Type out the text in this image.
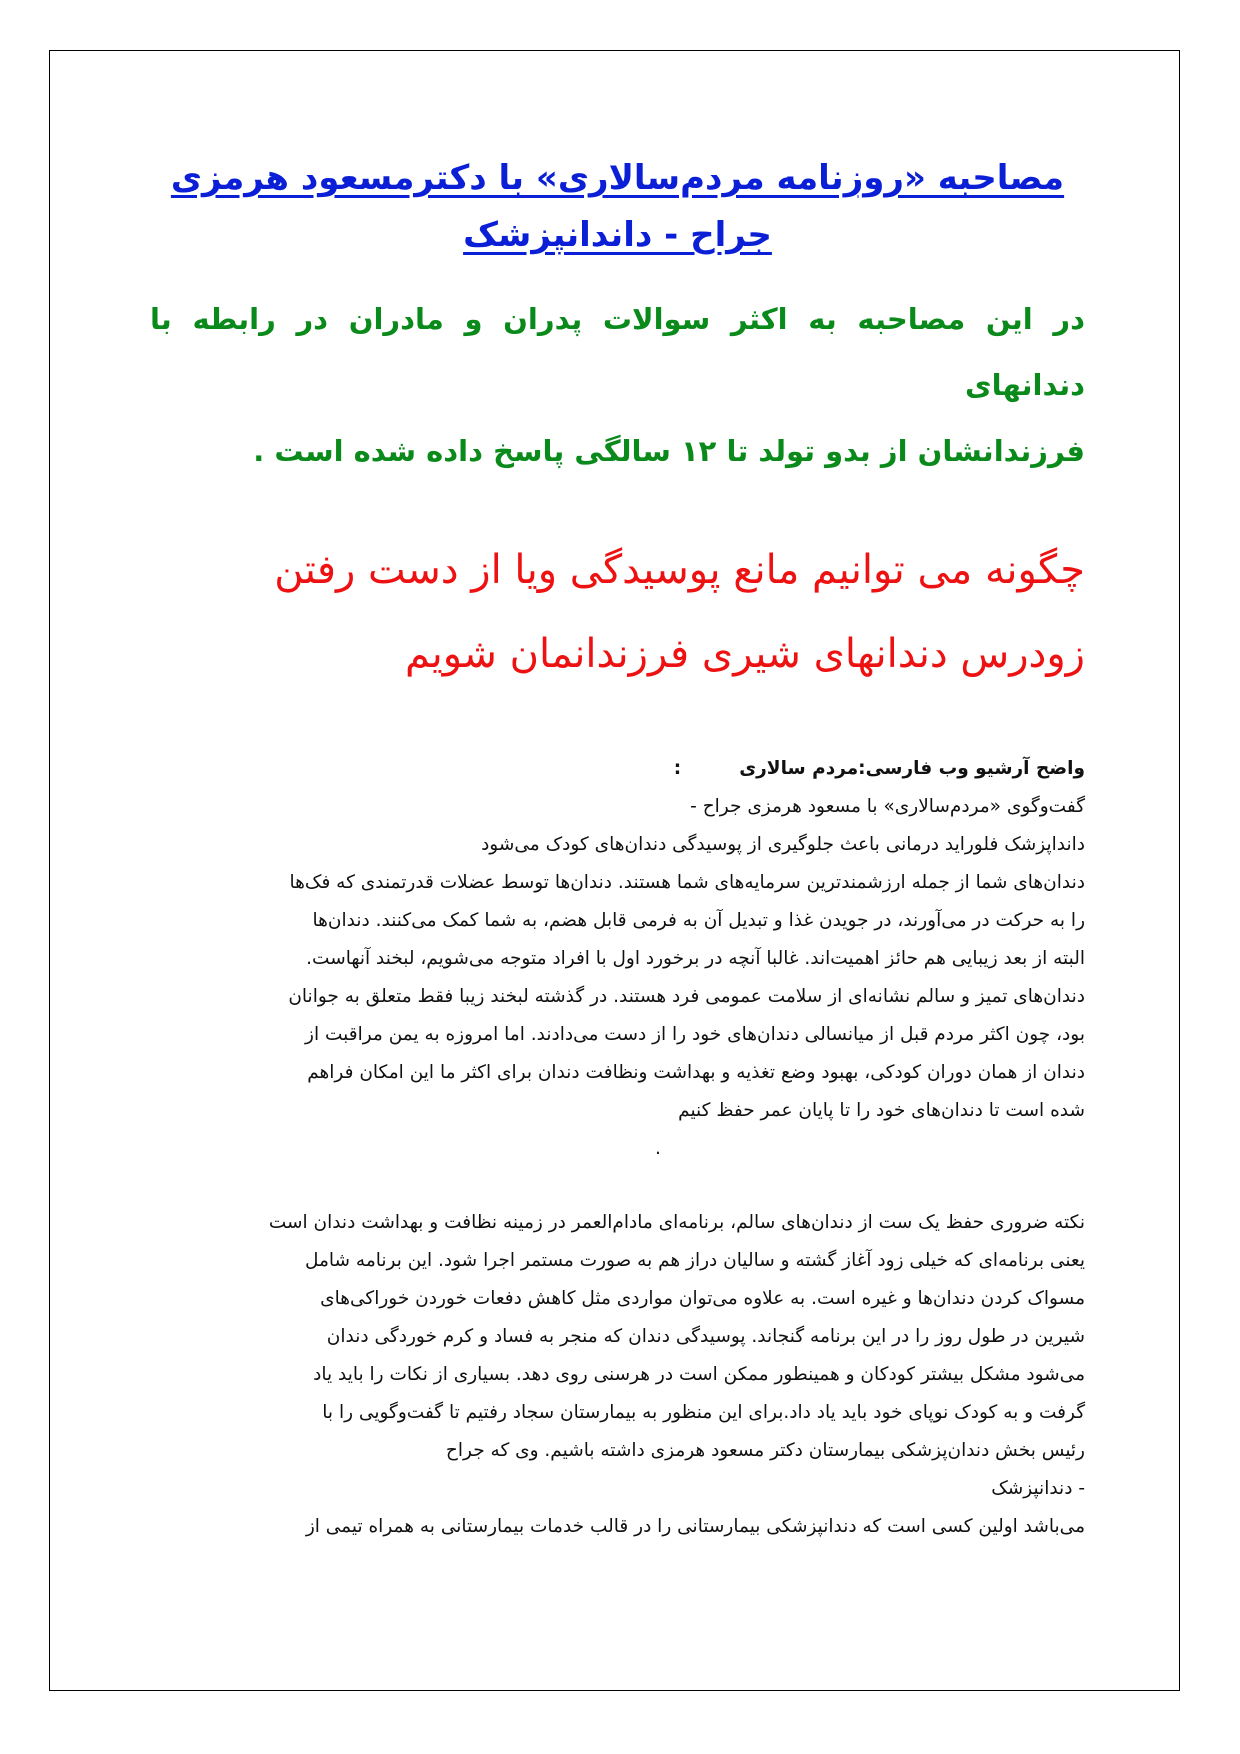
مصاحبه «روزنامه مردم‌سالاری» با دکترمسعود هرمزی
جراح - داندانپزشک

در این مصاحبه به اکثر سوالات پدران و مادران در رابطه با دندانهای
فرزندانشان از بدو تولد تا ۱۲ سالگی پاسخ داده شده است .

چگونه می توانیم مانع پوسیدگی ویا از دست رفتن
زودرس دندانهای شیری فرزندانمان شویم

واضح آرشیو وب فارسی:مردم سالاری:
گفت‌وگوی «مردم‌سالاری» با مسعود هرمزی جراح -
دانداپزشک فلوراید درمانی باعث جلوگیری از پوسیدگی دندان‌های کودک می‌شود
دندان‌های شما از جمله ارزشمندترین سرمایه‌های شما هستند. دندان‌ها توسط عضلات قدرتمندی که فک‌ها
را به حرکت در می‌آورند، در جویدن غذا و تبدیل آن به فرمی قابل هضم، به شما کمک می‌کنند. دندان‌ها
البته از بعد زیبایی هم حائز اهمیت‌اند. غالبا آنچه در برخورد اول با افراد متوجه می‌شویم، لبخند آنهاست.
دندان‌های تمیز و سالم نشانه‌ای از سلامت عمومی فرد هستند. در گذشته لبخند زیبا فقط متعلق به جوانان
بود، چون اکثر مردم قبل از میانسالی دندان‌های خود را از دست می‌دادند. اما امروزه به یمن مراقبت از
دندان از همان دوران کودکی، بهبود وضع تغذیه و بهداشت ونظافت دندان برای اکثر ما این امکان فراهم
شده است تا دندان‌های خود را تا پایان عمر حفظ کنیم
.
نکته ضروری حفظ یک ست از دندان‌های سالم، برنامه‌ای مادام‌العمر در زمینه نظافت و بهداشت دندان است
یعنی برنامه‌ای که خیلی زود آغاز گشته و سالیان دراز هم به صورت مستمر اجرا شود. این برنامه شامل
مسواک کردن دندان‌ها و غیره است. به علاوه می‌توان مواردی مثل کاهش دفعات خوردن خوراکی‌های
شیرین در طول روز را در این برنامه گنجاند. پوسیدگی دندان که منجر به فساد و کرم خوردگی دندان
می‌شود مشکل بیشتر کودکان و همینطور ممکن است در هرسنی روی دهد. بسیاری از نکات را باید یاد
گرفت و به کودک نوپای خود باید یاد داد.برای این منظور به بیمارستان سجاد رفتیم تا گفت‌وگویی را با
رئیس بخش دندان‌پزشکی بیمارستان دکتر مسعود هرمزی داشته باشیم. وی که جراح
- دندانپزشک
می‌باشد اولین کسی است که دندانپزشکی بیمارستانی را در قالب خدمات بیمارستانی به همراه تیمی از
